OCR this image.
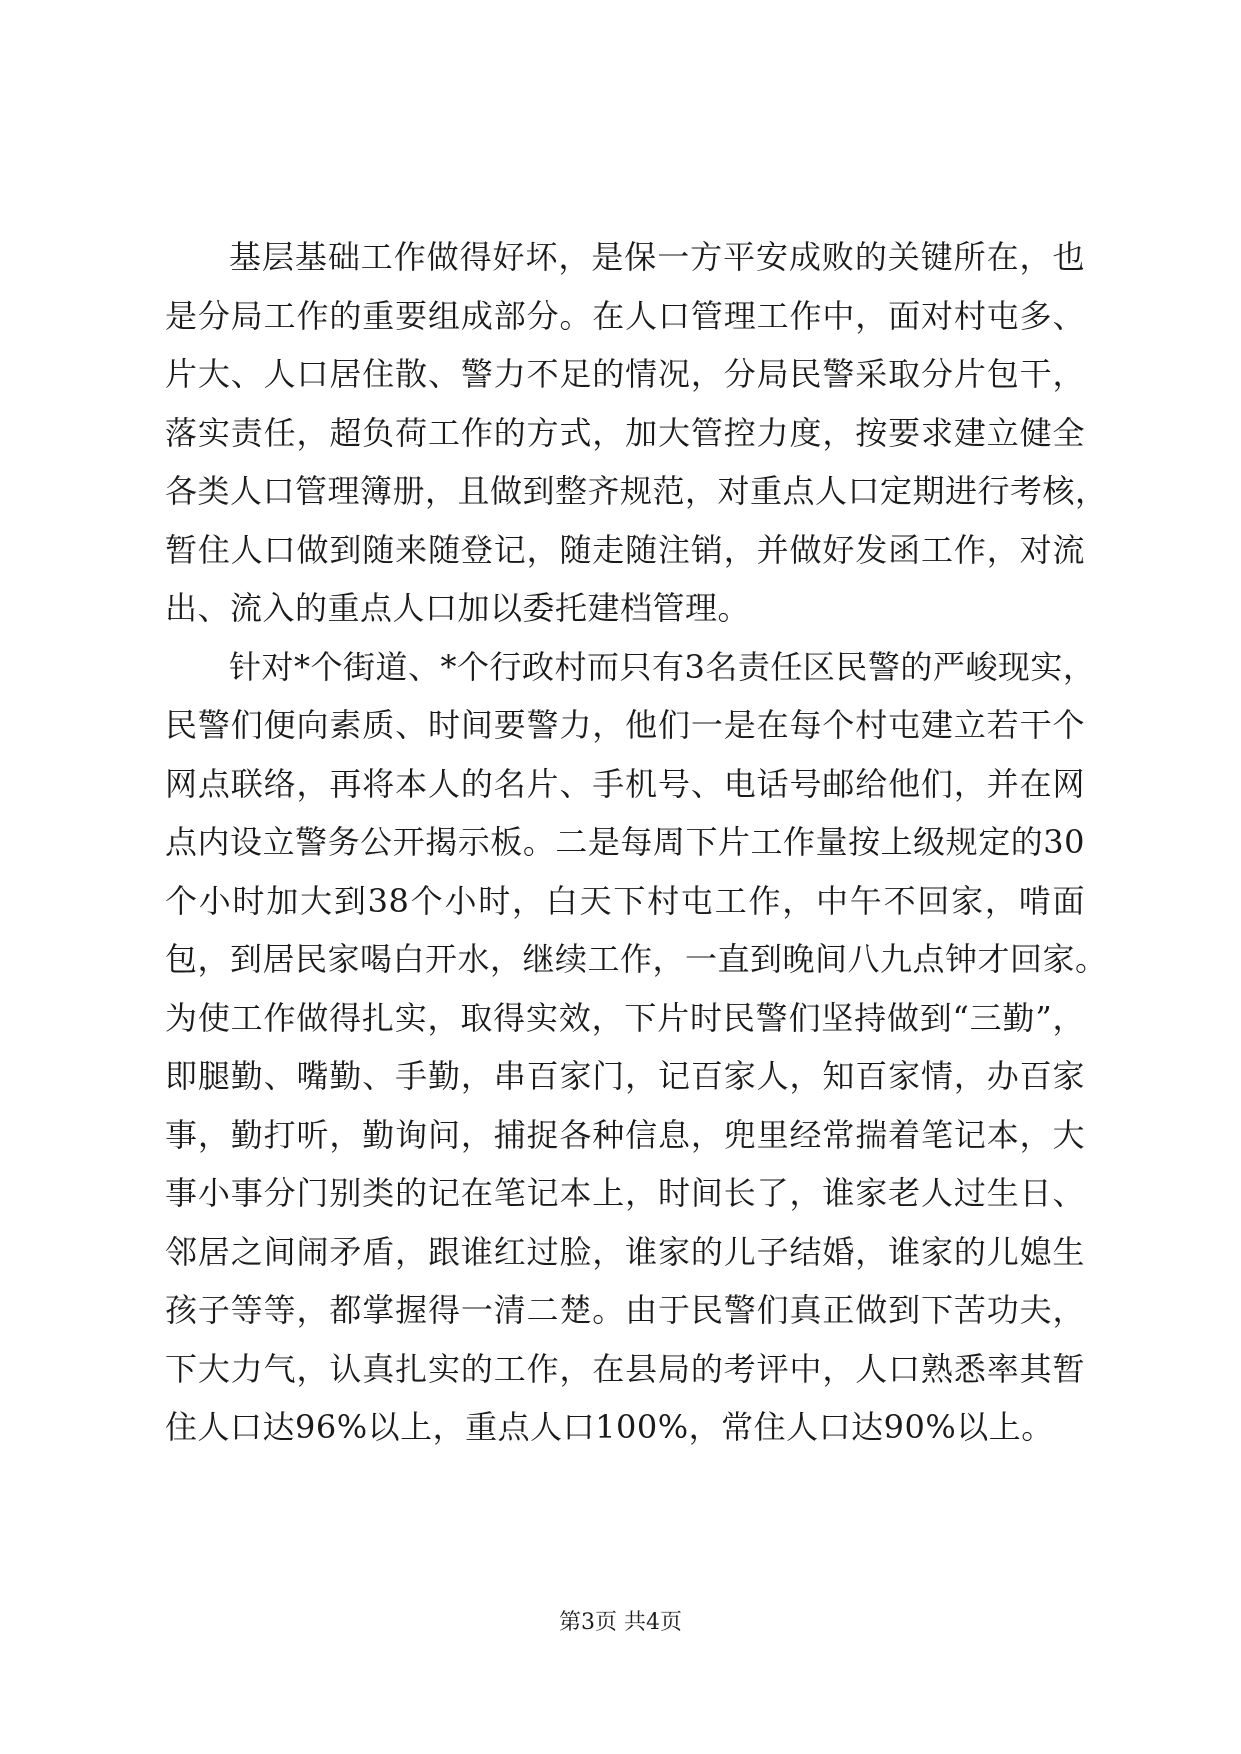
基层基础工作做得好坏，是保一方平安成败的关键所在，也
是分局工作的重要组成部分。在人口管理工作中，面对村屯多、
片大、人口居住散、警力不足的情况，分局民警采取分片包干，
落实责任，超负荷工作的方式，加大管控力度，按要求建立健全
各类人口管理簿册，且做到整齐规范，对重点人口定期进行考核，
暂住人口做到随来随登记，随走随注销，并做好发函工作，对流
出、流入的重点人口加以委托建档管理。
针对*个街道、*个行政村而只有3名责任区民警的严峻现实，
民警们便向素质、时间要警力，他们一是在每个村屯建立若干个
网点联络，再将本人的名片、手机号、电话号邮给他们，并在网
点内设立警务公开揭示板。二是每周下片工作量按上级规定的30
个小时加大到38个小时，白天下村屯工作，中午不回家，啃面
包，到居民家喝白开水，继续工作，一直到晚间八九点钟才回家。
为使工作做得扎实，取得实效，下片时民警们坚持做到“三勤”，
即腿勤、嘴勤、手勤，串百家门，记百家人，知百家情，办百家
事，勤打听，勤询问，捕捉各种信息，兜里经常揣着笔记本，大
事小事分门别类的记在笔记本上，时间长了，谁家老人过生日、
邻居之间闹矛盾，跟谁红过脸，谁家的儿子结婚，谁家的儿媳生
孩子等等，都掌握得一清二楚。由于民警们真正做到下苦功夫，
下大力气，认真扎实的工作，在县局的考评中，人口熟悉率其暂
住人口达96%以上，重点人口100%，常住人口达90%以上。
第3页 共4页
